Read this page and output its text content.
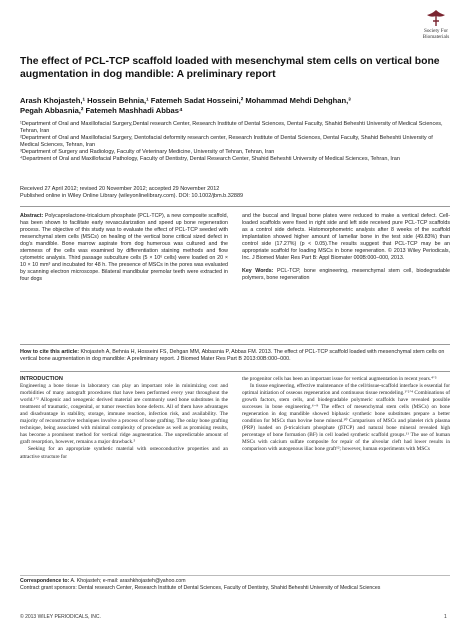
Society For
Biomaterials
The effect of PCL-TCP scaffold loaded with mesenchymal stem cells on vertical bone augmentation in dog mandible: A preliminary report
Arash Khojasteh,¹ Hossein Behnia,¹ Fatemeh Sadat Hosseini,² Mohammad Mehdi Dehghan,³
Pegah Abbasnia,² Fatemeh Mashhadi Abbas⁴

¹Department of Oral and Maxillofacial Surgery,Dental research Center, Research Institute of Dental Sciences, Dental Faculty, Shahid Beheshti University of Medical Sciences, Tehran, Iran

²Department of Oral and Maxillofacial Surgery, Dentofacial deformity research center, Research Institute of Dental Sciences, Dental Faculty, Shahid Beheshti University of Medical Sciences, Tehran, Iran

³Department of Surgery and Radiology, Faculty of Veterinary Medicine, University of Tehran, Tehran, Iran

⁴Department of Oral and Maxillofacial Pathology, Faculty of Dentistry, Dental Research Center, Shahid Beheshti University of Medical Sciences, Tehran, Iran

Received 27 April 2012; revised 20 November 2012; accepted 29 November 2012

Published online in Wiley Online Library (wileyonlinelibrary.com). DOI: 10.1002/jbm.b.32889

Abstract: Polycaprolactone-tricalcium phosphate (PCL-TCP), a new composite scaffold, has been shown to facilitate early revascularization and speed up bone regeneration process. The objective of this study was to evaluate the effect of PCL-TCP seeded with mesenchymal stem cells (MSCs) on healing of the vertical bone critical sized defect in dog's mandible. Bone marrow aspirate from dog humerous was cultured and the stemness of the cells was examined by differentiation staining methods and flow cytometric analysis. Third passage subculture cells (5 × 10⁶ cells) were loaded on 20 × 10 × 10 mm³ and incubated for 48 h. The presence of MSCs in the pores was evaluated by scanning electron microscope. Bilateral mandibular premolar teeth were extracted in four dogs
and the buccal and lingual bone plates were reduced to make a vertical defect. Cell-loaded scaffolds were fixed in right side and left side received pure PCL-TCP scaffolds as a control side defects. Histomorphometric analysis after 8 weeks of the scaffold implantation showed higher amount of lamellar bone in the test side (49.83%) than control side (17.27%) (p < 0.05).The results suggest that PCL-TCP may be an appropriate scaffold for loading MSCs in bone regeneration. © 2013 Wiley Periodicals, Inc. J Biomed Mater Res Part B: Appl Biomater 000B:000–000, 2013.
Key Words: PCL-TCP, bone engineering, mesenchymal stem cell, biodegradable polymers, bone regeneration
How to cite this article: Khojasteh A, Behnia H, Hosseini FS, Dehgan MM, Abbasnia P, Abbas FM. 2013. The effect of PCL-TCP scaffold loaded with mesenchymal stem cells on vertical bone augmentation in dog mandible: A preliminary report. J Biomed Mater Res Part B 2013:00B:000–000.

INTRODUCTION

Engineering a bone tissue in laboratory can play an important role in minimizing cost and morbidities of many autograft procedures that have been performed every year throughout the world.¹ʼ² Allogenic and xenogenic derived material are commonly used bone substitutes in the treatment of traumatic, congenital, or tumor resection bone defects. All of them have advantages and disadvantage in stability, storage, immune reaction, infection risk, and availability. The majority of reconstructive techniques involve a process of bone grafting. The onlay bone grafting technique, being associated with minimal complexity of procedure as well as promising results, has become a prominent method for vertical ridge augmentation. The unpredictable amount of graft resorption, however, remains a major drawback.⁵

Seeking for an appropriate synthetic material with osteoconductive properties and an attractive structure for

the progenitor cells has been an important issue for vertical augmentation in recent years.⁴ʼ⁵

In tissue engineering, effective maintenance of the cell/tissue-scaffold interface is essential for optimal initiation of osseous regeneration and continuous tissue remodeling.¹ʼ²ʼ⁴ Combinations of growth factors, stem cells, and biodegradable polymeric scaffolds have revealed possible successes in bone engineering.⁶⁻⁹ The effect of mesenchymal stem cells (MSCs) on bone regeneration in dog mandible showed biphasic synthetic bone substitutes prepare a better condition for MSCs than bovine bone mineral.¹⁰ Comparison of MSCs and platelet rich plasma (PRP) loaded on β-tricalcium phosphate (βTCP) and natural bone mineral revealed high percentage of bone formation (BF) in cell loaded synthetic scaffold groups.¹¹ The use of human MSCs with calcium sulfate composite for repair of the alveolar cleft had lower results in comparison with autogenous iliac bone graft¹²; however, human experiments with MSCs

Correspondence to: A. Khojasteh; e-mail: arashkhojasteh@yahoo.com

Contract grant sponsors: Dental research Center, Research Institute of Dental Sciences, Faculty of Dentistry, Shahid Beheshti University of Medical Sciences

© 2013 WILEY PERIODICALS, INC.	1
